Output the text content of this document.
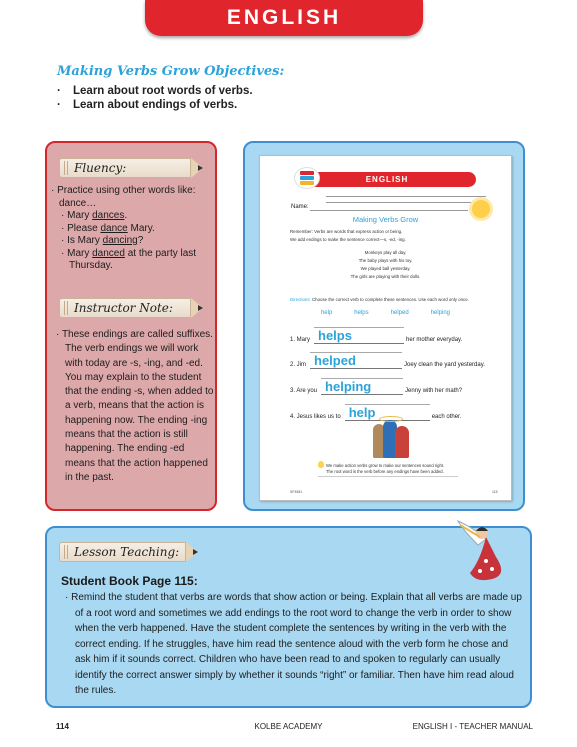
ENGLISH
Making Verbs Grow Objectives:
· Learn about root words of verbs.
· Learn about endings of verbs.
Fluency:
· Practice using other words like: dance…
· Mary dances.
· Please dance Mary.
· Is Mary dancing?
· Mary danced at the party last Thursday.
Instructor Note:
· These endings are called suffixes. The verb endings we will work with today are -s, -ing, and -ed. You may explain to the student that the ending -s, when added to a verb, means that the action is happening now. The ending -ing means that the action is still happening. The ending -ed means that the action happened in the past.
ENGLISH
Name:
Making Verbs Grow
Remember: Verbs are words that express action or being.
We add endings to make the sentence correct—s, -ed, -ing.
Monkeys play all day.
The baby plays with his toy.
We played ball yesterday.
The girls are playing with their dolls.
Directions: Choose the correct verb to complete these sentences. Use each word only once.
help	helps	helped	helping
1. Mary helps	her mother everyday.
2. Jim helped	Joey clean the yard yesterday.
3. Are you helping	Jenny with her math?
4. Jesus likes us to help	each other.
We make action verbs grow to make our sentences sound right.
The root word is the verb before any endings have been added.
SF4581	115
Lesson Teaching:
Student Book Page 115:
· Remind the student that verbs are words that show action or being. Explain that all verbs are made up of a root word and sometimes we add endings to the root word to change the verb in order to show when the verb happened. Have the student complete the sentences by writing in the verb with the correct ending. If he struggles, have him read the sentence aloud with the verb form he chose and ask him if it sounds correct. Children who have been read to and spoken to regularly can usually identify the correct answer simply by whether it sounds “right” or familiar. Then have him read aloud the rules.
114	KOLBE ACADEMY	ENGLISH I - TEACHER MANUAL
